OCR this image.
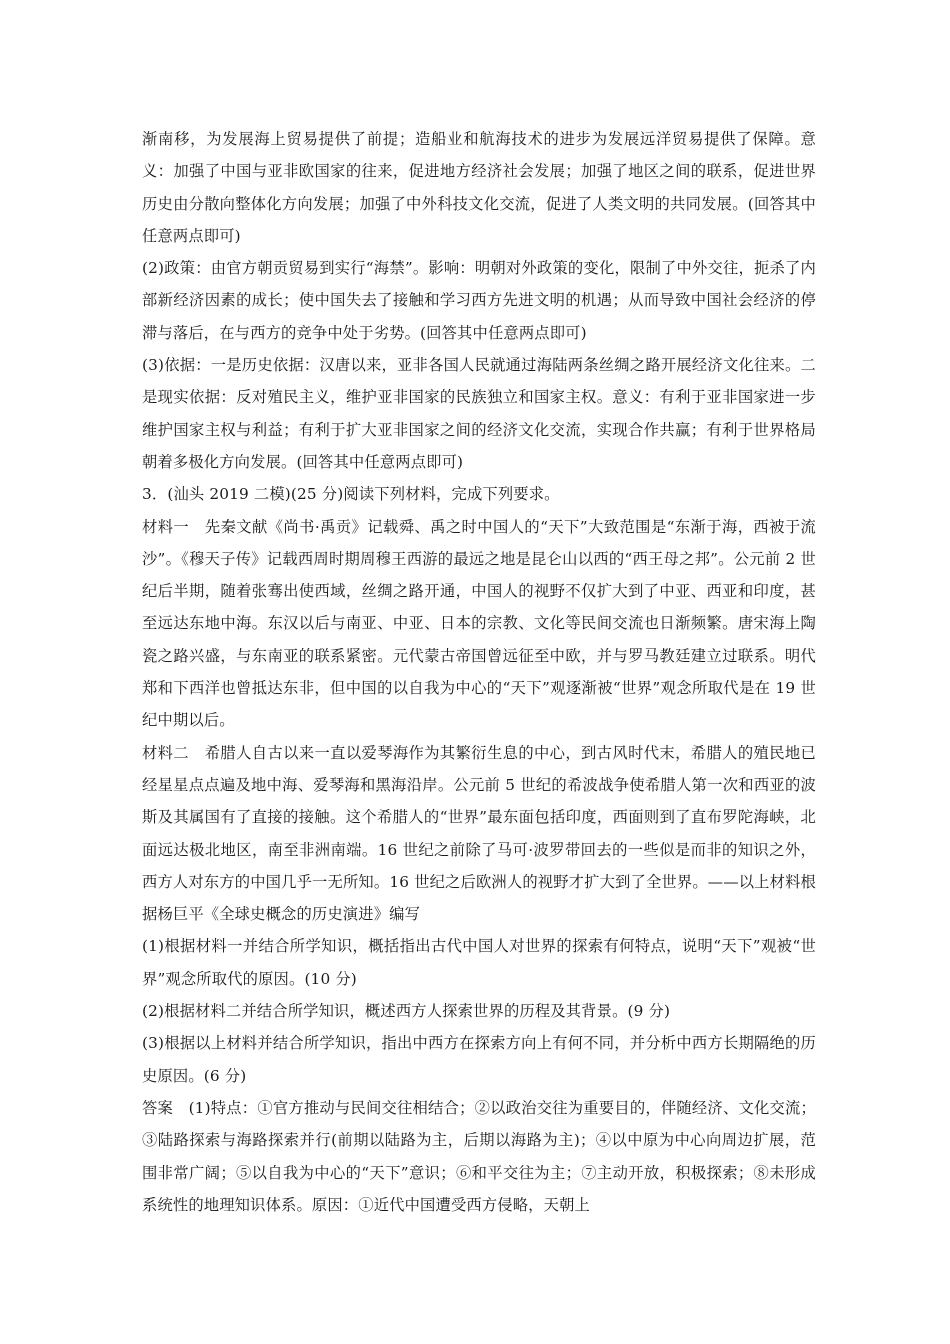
渐南移，为发展海上贸易提供了前提；造船业和航海技术的进步为发展远洋贸易提供了保障。意义：加强了中国与亚非欧国家的往来，促进地方经济社会发展；加强了地区之间的联系，促进世界历史由分散向整体化方向发展；加强了中外科技文化交流，促进了人类文明的共同发展。(回答其中任意两点即可)

(2)政策：由官方朝贡贸易到实行“海禁”。影响：明朝对外政策的变化，限制了中外交往，扼杀了内部新经济因素的成长；使中国失去了接触和学习西方先进文明的机遇；从而导致中国社会经济的停滞与落后，在与西方的竞争中处于劣势。(回答其中任意两点即可)

(3)依据：一是历史依据：汉唐以来，亚非各国人民就通过海陆两条丝绸之路开展经济文化往来。二是现实依据：反对殖民主义，维护亚非国家的民族独立和国家主权。意义：有利于亚非国家进一步维护国家主权与利益；有利于扩大亚非国家之间的经济文化交流，实现合作共赢；有利于世界格局朝着多极化方向发展。(回答其中任意两点即可)

3．(汕头 2019 二模)(25 分)阅读下列材料，完成下列要求。

材料一　先秦文献《尚书·禹贡》记载舜、禹之时中国人的“天下”大致范围是“东渐于海，西被于流沙”。《穆天子传》记载西周时期周穆王西游的最远之地是昆仑山以西的“西王母之邦”。公元前 2 世纪后半期，随着张骞出使西域，丝绸之路开通，中国人的视野不仅扩大到了中亚、西亚和印度，甚至远达东地中海。东汉以后与南亚、中亚、日本的宗教、文化等民间交流也日渐频繁。唐宋海上陶瓷之路兴盛，与东南亚的联系紧密。元代蒙古帝国曾远征至中欧，并与罗马教廷建立过联系。明代郑和下西洋也曾抵达东非，但中国的以自我为中心的“天下”观逐渐被“世界”观念所取代是在 19 世纪中期以后。

材料二　希腊人自古以来一直以爱琴海作为其繁衍生息的中心，到古风时代末，希腊人的殖民地已经星星点点遍及地中海、爱琴海和黑海沿岸。公元前 5 世纪的希波战争使希腊人第一次和西亚的波斯及其属国有了直接的接触。这个希腊人的“世界”最东面包括印度，西面则到了直布罗陀海峡，北面远达极北地区，南至非洲南端。16 世纪之前除了马可·波罗带回去的一些似是而非的知识之外，西方人对东方的中国几乎一无所知。16 世纪之后欧洲人的视野才扩大到了全世界。——以上材料根据杨巨平《全球史概念的历史演进》编写

(1)根据材料一并结合所学知识，概括指出古代中国人对世界的探索有何特点，说明“天下”观被“世界”观念所取代的原因。(10 分)

(2)根据材料二并结合所学知识，概述西方人探索世界的历程及其背景。(9 分)

(3)根据以上材料并结合所学知识，指出中西方在探索方向上有何不同，并分析中西方长期隔绝的历史原因。(6 分)

答案　(1)特点：①官方推动与民间交往相结合；②以政治交往为重要目的，伴随经济、文化交流；③陆路探索与海路探索并行(前期以陆路为主，后期以海路为主)；④以中原为中心向周边扩展，范围非常广阔；⑤以自我为中心的“天下”意识；⑥和平交往为主；⑦主动开放，积极探索；⑧未形成系统性的地理知识体系。原因：①近代中国遭受西方侵略，天朝上
